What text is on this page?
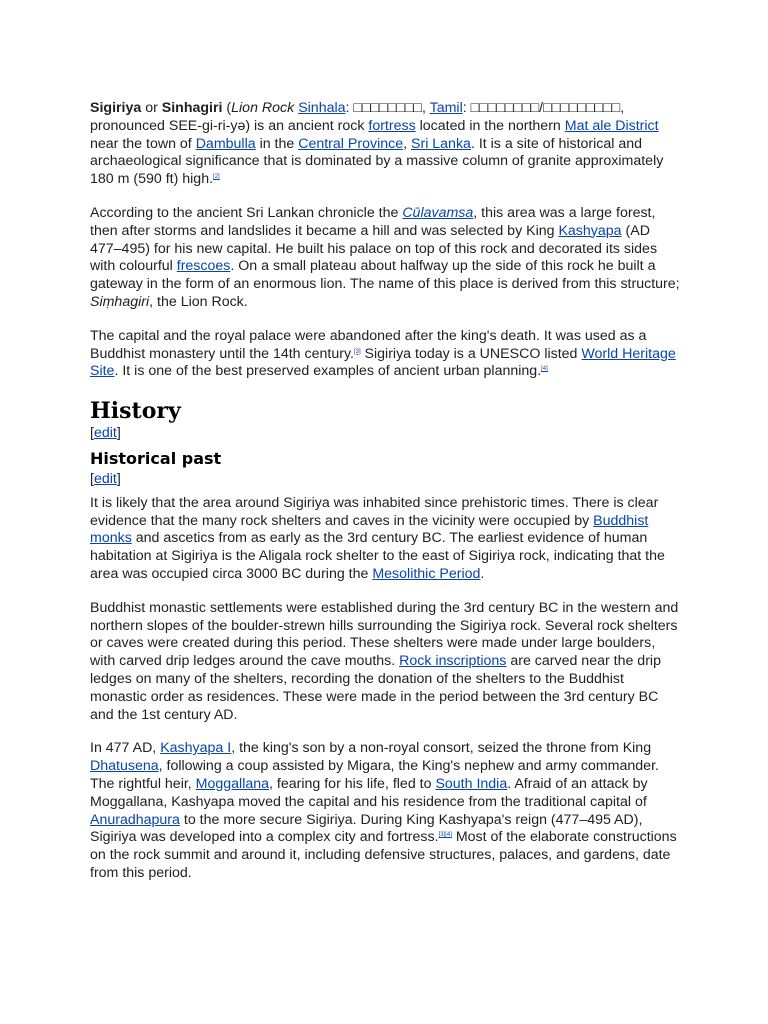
Sigiriya or Sinhagiri (Lion Rock Sinhala: □□□□□□□□, Tamil: □□□□□□□□/□□□□□□□□□, pronounced SEE-gi-ri-yə) is an ancient rock fortress located in the northern Mat ale District near the town of Dambulla in the Central Province, Sri Lanka. It is a site of historical and archaeological significance that is dominated by a massive column of granite approximately 180 m (590 ft) high.[2]

According to the ancient Sri Lankan chronicle the Cūlavamsa, this area was a large forest, then after storms and landslides it became a hill and was selected by King Kashyapa (AD 477–495) for his new capital. He built his palace on top of this rock and decorated its sides with colourful frescoes. On a small plateau about halfway up the side of this rock he built a gateway in the form of an enormous lion. The name of this place is derived from this structure; Siṃhagiri, the Lion Rock.

The capital and the royal palace were abandoned after the king's death. It was used as a Buddhist monastery until the 14th century.[3] Sigiriya today is a UNESCO listed World Heritage Site. It is one of the best preserved examples of ancient urban planning.[4]

History
[edit]
Historical past
[edit]

It is likely that the area around Sigiriya was inhabited since prehistoric times. There is clear evidence that the many rock shelters and caves in the vicinity were occupied by Buddhist monks and ascetics from as early as the 3rd century BC. The earliest evidence of human habitation at Sigiriya is the Aligala rock shelter to the east of Sigiriya rock, indicating that the area was occupied circa 3000 BC during the Mesolithic Period.

Buddhist monastic settlements were established during the 3rd century BC in the western and northern slopes of the boulder-strewn hills surrounding the Sigiriya rock. Several rock shelters or caves were created during this period. These shelters were made under large boulders, with carved drip ledges around the cave mouths. Rock inscriptions are carved near the drip ledges on many of the shelters, recording the donation of the shelters to the Buddhist monastic order as residences. These were made in the period between the 3rd century BC and the 1st century AD.

In 477 AD, Kashyapa I, the king's son by a non-royal consort, seized the throne from King Dhatusena, following a coup assisted by Migara, the King's nephew and army commander. The rightful heir, Moggallana, fearing for his life, fled to South India. Afraid of an attack by Moggallana, Kashyapa moved the capital and his residence from the traditional capital of Anuradhapura to the more secure Sigiriya. During King Kashyapa's reign (477–495 AD), Sigiriya was developed into a complex city and fortress.[3][4] Most of the elaborate constructions on the rock summit and around it, including defensive structures, palaces, and gardens, date from this period.
